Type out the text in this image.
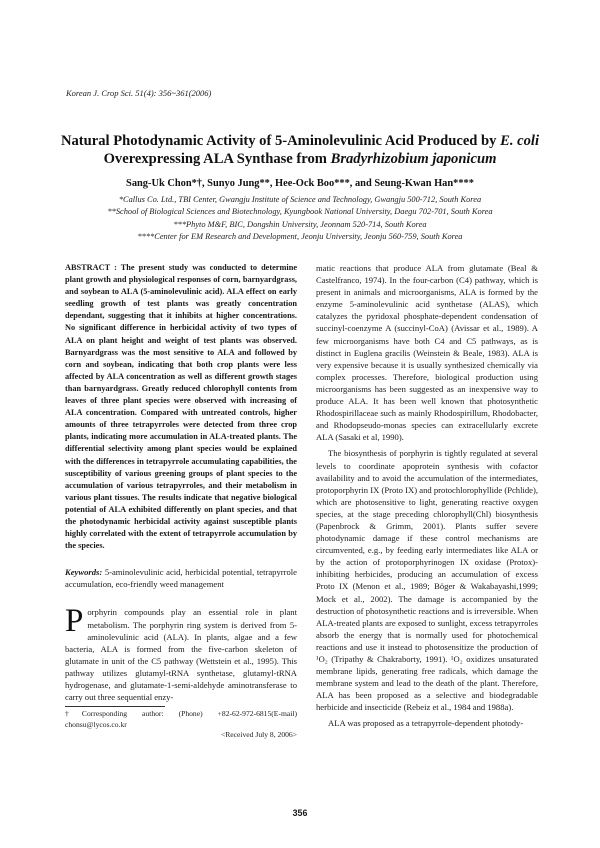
Korean J. Crop Sci. 51(4): 356~361(2006)
Natural Photodynamic Activity of 5-Aminolevulinic Acid Produced by E. coli
Overexpressing ALA Synthase from Bradyrhizobium japonicum
Sang-Uk Chon*†, Sunyo Jung**, Hee-Ock Boo***, and Seung-Kwan Han****
*Callus Co. Ltd., TBI Center, Gwangju Institute of Science and Technology, Gwangju 500-712, South Korea
**School of Biological Sciences and Biotechnology, Kyungbook National University, Daegu 702-701, South Korea
***Phyto M&F, BIC, Dongshin University, Jeonnam 520-714, South Korea
****Center for EM Research and Development, Jeonju University, Jeonju 560-759, South Korea
ABSTRACT : The present study was conducted to determine plant growth and physiological responses of corn, barnyardgrass, and soybean to ALA (5-aminolevulinic acid). ALA effect on early seedling growth of test plants was greatly concentration dependant, suggesting that it inhibits at higher concentrations. No significant difference in herbicidal activity of two types of ALA on plant height and weight of test plants was observed. Barnyardgrass was the most sensitive to ALA and followed by corn and soybean, indicating that both crop plants were less affected by ALA concentration as well as different growth stages than barnyardgrass. Greatly reduced chlorophyll contents from leaves of three plant species were observed with increasing of ALA concentration. Compared with untreated controls, higher amounts of three tetrapyrroles were detected from three crop plants, indicating more accumulation in ALA-treated plants. The differential selectivity among plant species would be explained with the differences in tetrapyrrole accumulating capabilities, the susceptibility of various greening groups of plant species to the accumulation of various tetrapyrroles, and their metabolism in various plant tissues. The results indicate that negative biological potential of ALA exhibited differently on plant species, and that the photodynamic herbicidal activity against susceptible plants highly correlated with the extent of tetrapyrrole accumulation by the species.
Keywords: 5-aminolevulinic acid, herbicidal potential, tetrapyrrole accumulation, eco-friendly weed management
Porphyrin compounds play an essential role in plant metabolism. The porphyrin ring system is derived from 5-aminolevulinic acid (ALA). In plants, algae and a few bacteria, ALA is formed from the five-carbon skeleton of glutamate in unit of the C5 pathway (Wettstein et al., 1995). This pathway utilizes glutamyl-tRNA synthetase, glutamyl-tRNA hydrogenase, and glutamate-1-semi-aldehyde aminotransferase to carry out three sequential enzy-
†Corresponding author: (Phone) +82-62-972-6815(E-mail) chonsu@lycos.co.kr
<Received July 8, 2006>
matic reactions that produce ALA from glutamate (Beal & Castelfranco, 1974). In the four-carbon (C4) pathway, which is present in animals and microorganisms, ALA is formed by the enzyme 5-aminolevulinic acid synthetase (ALAS), which catalyzes the pyridoxal phosphate-dependent condensation of succinyl-coenzyme A (succinyl-CoA) (Avissar et al., 1989). A few microorganisms have both C4 and C5 pathways, as is distinct in Euglena gracilis (Weinstein & Beale, 1983). ALA is very expensive because it is usually synthesized chemically via complex processes. Therefore, biological production using microorganisms has been suggested as an inexpensive way to produce ALA. It has been well known that photosynthetic Rhodospirillaceae such as mainly Rhodospirillum, Rhodobacter, and Rhodopseudo-monas species can extracellularly excrete ALA (Sasaki et al, 1990).
The biosynthesis of porphyrin is tightly regulated at several levels to coordinate apoprotein synthesis with cofactor availability and to avoid the accumulation of the intermediates, protoporphyrin IX (Proto IX) and protochlorophyllide (Pchlide), which are photosensitive to light, generating reactive oxygen species, at the stage preceding chlorophyll(Chl) biosynthesis (Papenbrock & Grimm, 2001). Plants suffer severe photodynamic damage if these control mechanisms are circumvented, e.g., by feeding early intermediates like ALA or by the action of protoporphyrinogen IX oxidase (Protox)-inhibiting herbicides, producing an accumulation of excess Proto IX (Menon et al., 1989; Böger & Wakabayashi,1999; Mock et al., 2002). The damage is accompanied by the destruction of photosynthetic reactions and is irreversible. When ALA-treated plants are exposed to sunlight, excess tetrapyrroles absorb the energy that is normally used for photochemical reactions and use it instead to photosensitize the production of ¹O₂ (Tripathy & Chakraborty, 1991). ¹O₂ oxidizes unsaturated membrane lipids, generating free radicals, which damage the membrane system and lead to the death of the plant. Therefore, ALA has been proposed as a selective and biodegradable herbicide and insecticide (Rebeiz et al., 1984 and 1988a).
ALA was proposed as a tetrapyrrole-dependent photody-
356
